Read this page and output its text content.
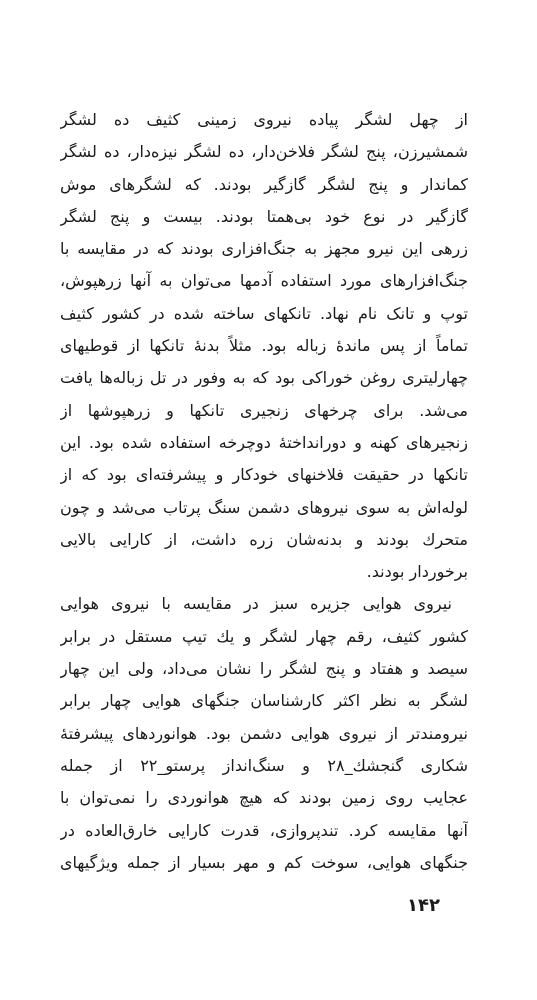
از چهل لشگر پیاده نیروی زمینی کثیف ده لشگر
شمشیرزن، پنج لشگر فلاخن‌دار، ده لشگر نیزه‌دار، ده لشگر
کماندار و پنج لشگر گازگیر بودند. که لشگرهای موش
گازگیر در نوع خود بی‌همتا بودند. بیست و پنج لشگر
زرهی این نیرو مجهز به جنگ‌افزاری بودند که در مقایسه با
جنگ‌افزارهای مورد استفاده آدمها می‌توان به آنها زرهپوش،
توپ و تانک نام نهاد. تانکهای ساخته شده در کشور کثیف
تماماً از پس ماندهٔ زباله بود. مثلاً بدنهٔ تانکها از قوطیهای
چهارلیتری روغن خوراکی بود که به وفور در تل زباله‌ها یافت
می‌شد. برای چرخهای زنجیری تانکها و زرهپوشها از
زنجیرهای کهنه و دورانداختهٔ دوچرخه استفاده شده بود. این
تانکها در حقیقت فلاخنهای خودکار و پیشرفته‌ای بود که از
لوله‌اش به سوی نیروهای دشمن سنگ پرتاب می‌شد و چون
متحرك بودند و بدنه‌شان زره داشت، از کارایی بالایی
برخوردار بودند.
نیروی هوایی جزیره سبز در مقایسه با نیروی هوایی
کشور کثیف، رقم چهار لشگر و یك تیپ مستقل در برابر
سیصد و هفتاد و پنج لشگر را نشان می‌داد، ولی این چهار
لشگر به نظر اکثر کارشناسان جنگهای هوایی چهار برابر
نیرومندتر از نیروی هوایی دشمن بود. هوانوردهای پیشرفتهٔ
شکاری گنجشك_۲۸ و سنگ‌انداز پرستو_۲۲ از جمله
عجایب روی زمین بودند که هیچ هوانوردی را نمی‌توان با
آنها مقایسه کرد. تندپروازی، قدرت کارایی خارق‌العاده در
جنگهای هوایی، سوخت کم و مهر بسیار از جمله ویژگیهای
۱۴۲
